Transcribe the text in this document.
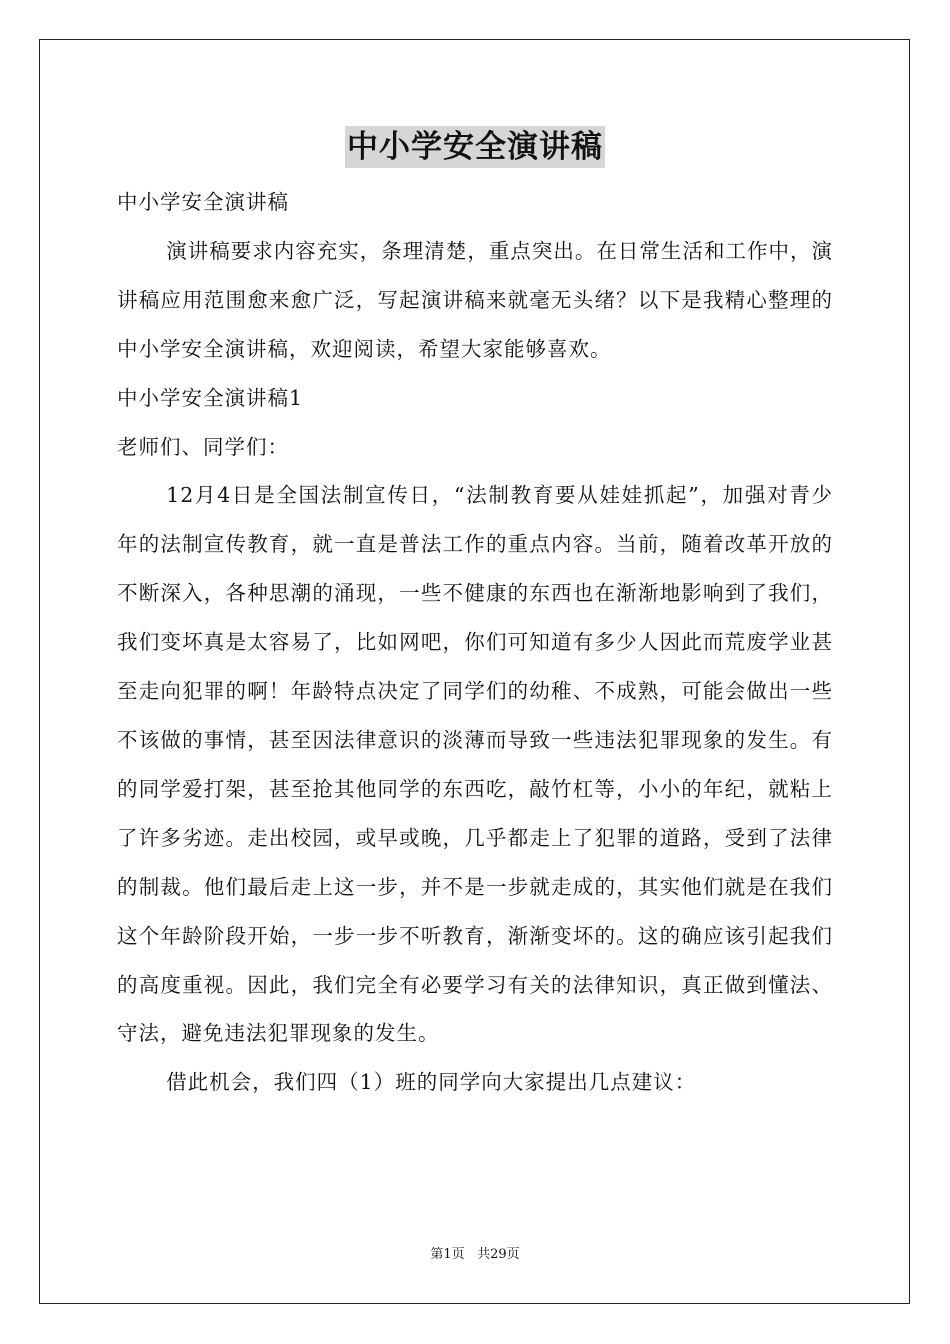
中小学安全演讲稿

中小学安全演讲稿

演讲稿要求内容充实，条理清楚，重点突出。在日常生活和工作中，演讲稿应用范围愈来愈广泛，写起演讲稿来就毫无头绪？以下是我精心整理的中小学安全演讲稿，欢迎阅读，希望大家能够喜欢。

中小学安全演讲稿1

老师们、同学们：

12月4日是全国法制宣传日，“法制教育要从娃娃抓起”，加强对青少年的法制宣传教育，就一直是普法工作的重点内容。当前，随着改革开放的不断深入，各种思潮的涌现，一些不健康的东西也在渐渐地影响到了我们，我们变坏真是太容易了，比如网吧，你们可知道有多少人因此而荒废学业甚至走向犯罪的啊！年龄特点决定了同学们的幼稚、不成熟，可能会做出一些不该做的事情，甚至因法律意识的淡薄而导致一些违法犯罪现象的发生。有的同学爱打架，甚至抢其他同学的东西吃，敲竹杠等，小小的年纪，就粘上了许多劣迹。走出校园，或早或晚，几乎都走上了犯罪的道路，受到了法律的制裁。他们最后走上这一步，并不是一步就走成的，其实他们就是在我们这个年龄阶段开始，一步一步不听教育，渐渐变坏的。这的确应该引起我们的高度重视。因此，我们完全有必要学习有关的法律知识，真正做到懂法、守法，避免违法犯罪现象的发生。

借此机会，我们四（1）班的同学向大家提出几点建议：

第1页 共29页
